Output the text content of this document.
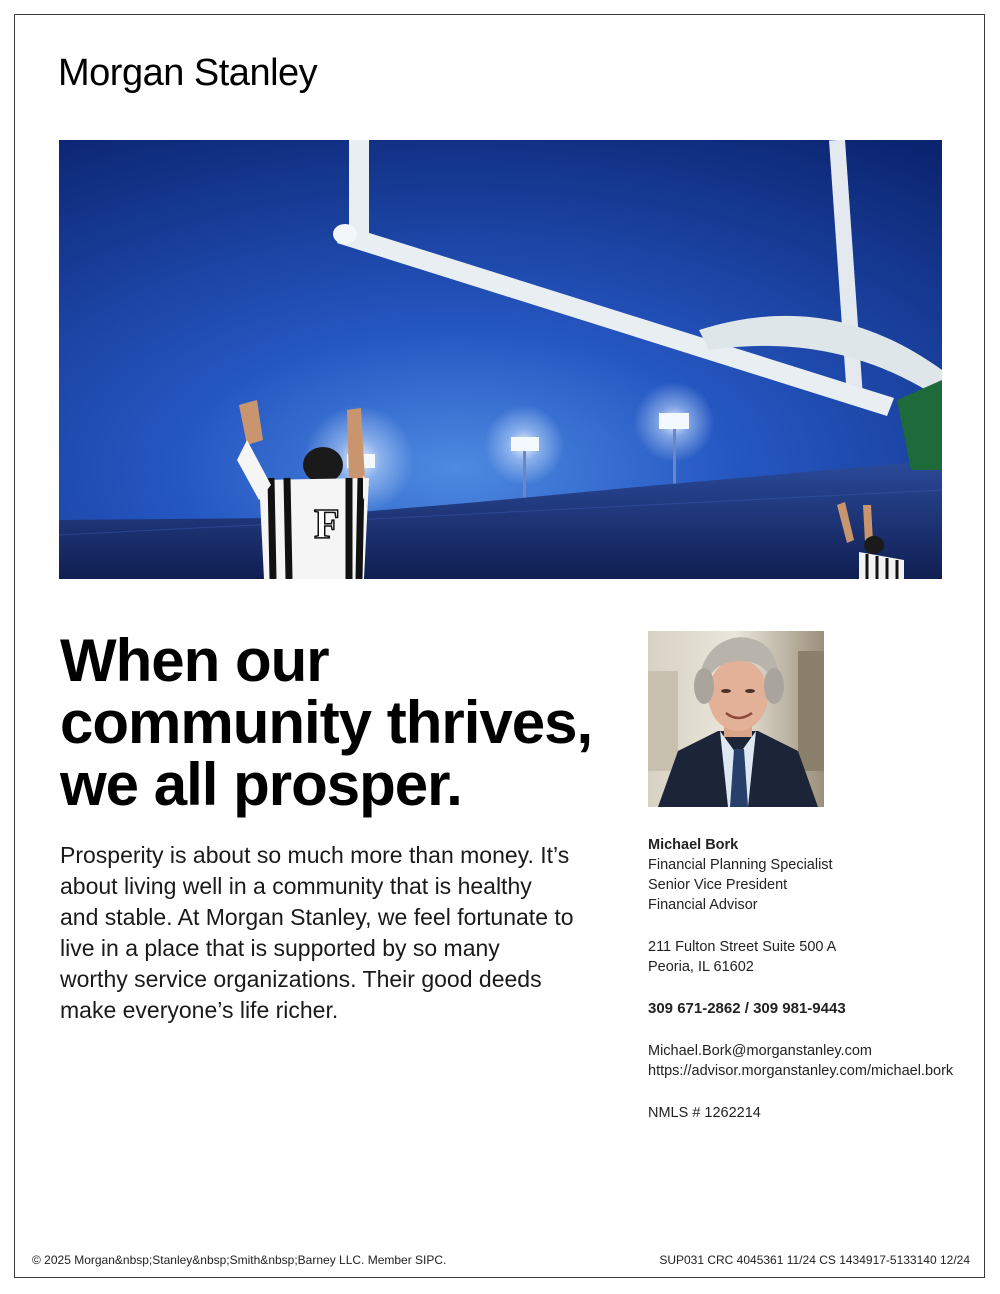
Morgan Stanley
F
When our
community thrives,
we all prosper.
Prosperity is about so much more than money. It’s
about living well in a community that is healthy
and stable. At Morgan Stanley, we feel fortunate to
live in a place that is supported by so many
worthy service organizations. Their good deeds
make everyone’s life richer.
Michael Bork
Financial Planning Specialist
Senior Vice President
Financial Advisor
211 Fulton Street Suite 500 A
Peoria, IL 61602
309 671-2862 / 309 981-9443
Michael.Bork@morganstanley.com
https://advisor.morganstanley.com/michael.bork
NMLS # 1262214
© 2025 Morgan&nbsp;Stanley&nbsp;Smith&nbsp;Barney LLC. Member SIPC.	SUP031 CRC 4045361 11/24 CS 1434917-5133140 12/24
